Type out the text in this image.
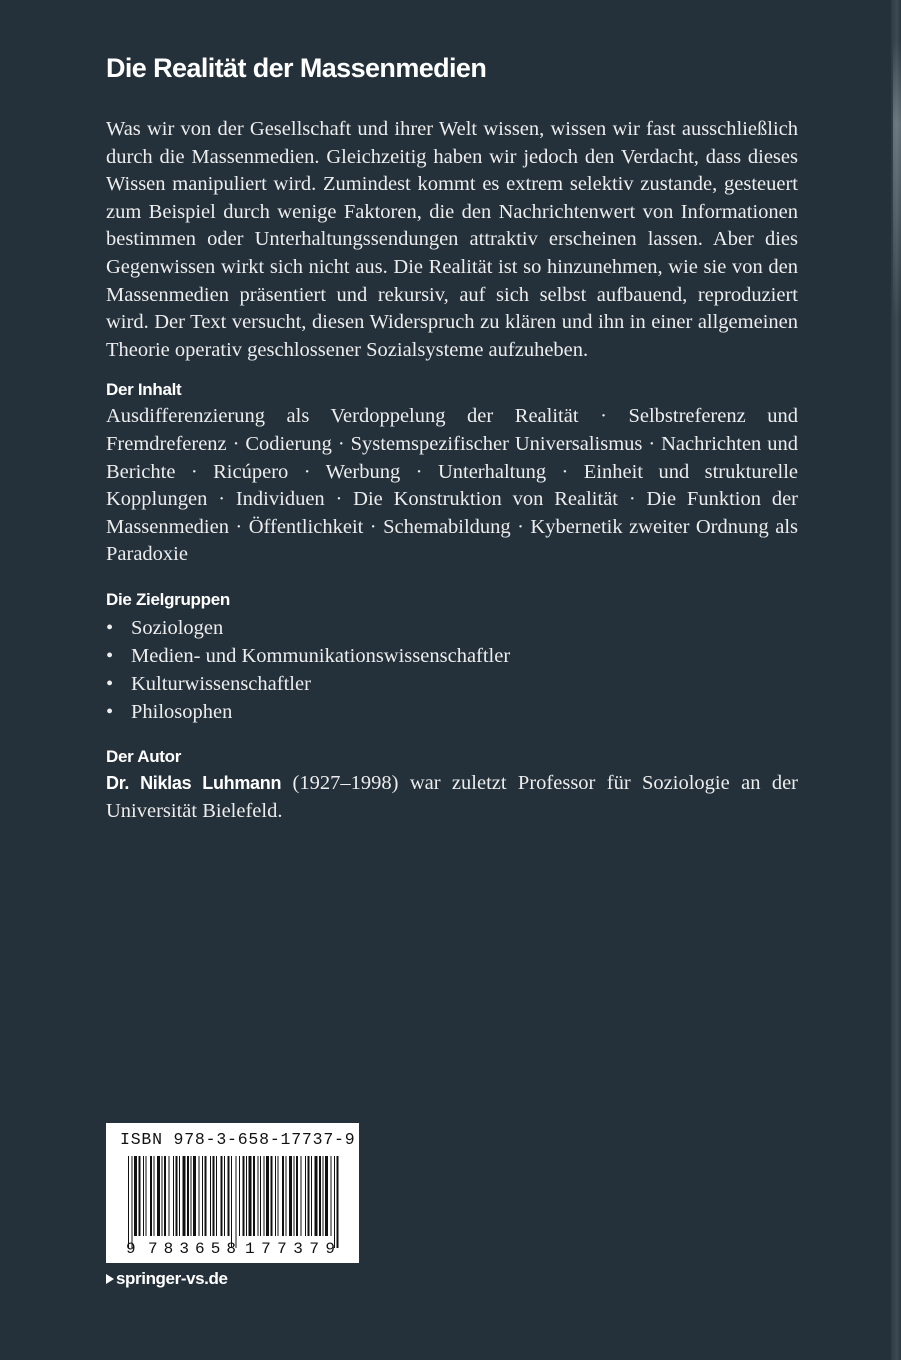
Die Realität der Massenmedien

Was wir von der Gesellschaft und ihrer Welt wissen, wissen wir fast ausschließlich durch die Massenmedien. Gleichzeitig haben wir jedoch den Verdacht, dass dieses Wissen manipuliert wird. Zumindest kommt es extrem selektiv zustande, gesteuert zum Beispiel durch wenige Faktoren, die den Nachrichtenwert von Informationen bestimmen oder Unterhaltungssendungen attraktiv erscheinen lassen. Aber dies Gegenwissen wirkt sich nicht aus. Die Realität ist so hinzunehmen, wie sie von den Massenmedien präsentiert und rekursiv, auf sich selbst aufbauend, reproduziert wird. Der Text versucht, diesen Widerspruch zu klären und ihn in einer allgemeinen Theorie operativ geschlossener Sozialsysteme aufzuheben.

Der Inhalt

Ausdifferenzierung als Verdoppelung der Realität · Selbstreferenz und Fremdreferenz · Codierung · Systemspezifischer Universalismus · Nachrichten und Berichte · Ricúpero · Werbung · Unterhaltung · Einheit und strukturelle Kopplungen · Individuen · Die Konstruktion von Realität · Die Funktion der Massenmedien · Öffentlichkeit · Schemabildung · Kybernetik zweiter Ordnung als Paradoxie

Die Zielgruppen
• Soziologen
• Medien- und Kommunikationswissenschaftler
• Kulturwissenschaftler
• Philosophen
Der Autor

Dr. Niklas Luhmann (1927–1998) war zuletzt Professor für Soziologie an der Universität Bielefeld.

ISBN 978-3-658-17737-9
9 783658 177379
springer-vs.de
